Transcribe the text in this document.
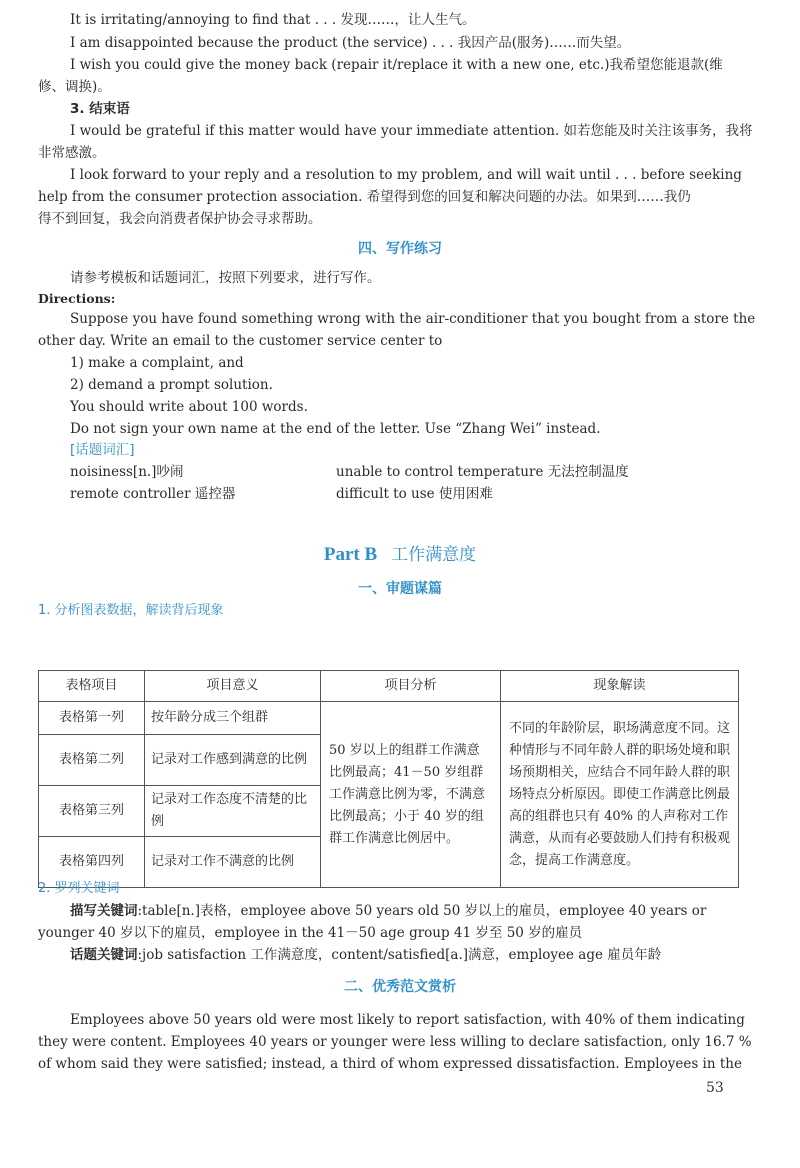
It is irritating/annoying to find that . . . 发现……，让人生气。
I am disappointed because the product (the service) . . . 我因产品(服务)……而失望。
I wish you could give the money back (repair it/replace it with a new one, etc.)我希望您能退款(维
修、调换)。
3. 结束语
I would be grateful if this matter would have your immediate attention. 如若您能及时关注该事务，我将
非常感激。
I look forward to your reply and a resolution to my problem, and will wait until . . . before seeking
help from the consumer protection association. 希望得到您的回复和解决问题的办法。如果到……我仍
得不到回复，我会向消费者保护协会寻求帮助。
四、写作练习
请参考模板和话题词汇，按照下列要求，进行写作。
Directions:
Suppose you have found something wrong with the air-conditioner that you bought from a store the
other day. Write an email to the customer service center to
1) make a complaint, and
2) demand a prompt solution.
You should write about 100 words.
Do not sign your own name at the end of the letter. Use “Zhang Wei” instead.
[话题词汇]
noisiness[n.]吵闹	unable to control temperature 无法控制温度
remote controller 遥控器	difficult to use 使用困难
Part B 工作满意度
一、审题谋篇
1. 分析图表数据，解读背后现象
表格项目	项目意义	项目分析	现象解读
表格第一列	按年龄分成三个组群	50 岁以上的组群工作满意比例最高；41－50 岁组群工作满意比例为零，不满意比例最高；小于 40 岁的组群工作满意比例居中。	不同的年龄阶层，职场满意度不同。这种情形与不同年龄人群的职场处境和职场预期相关，应结合不同年龄人群的职场特点分析原因。即使工作满意比例最高的组群也只有 40% 的人声称对工作满意，从而有必要鼓励人们持有积极观念，提高工作满意度。
表格第二列	记录对工作感到满意的比例		
表格第三列	记录对工作态度不清楚的比例		
表格第四列	记录对工作不满意的比例		
2. 罗列关键词
描写关键词:table[n.]表格，employee above 50 years old 50 岁以上的雇员，employee 40 years or
younger 40 岁以下的雇员，employee in the 41－50 age group 41 岁至 50 岁的雇员
话题关键词:job satisfaction 工作满意度，content/satisfied[a.]满意，employee age 雇员年龄
二、优秀范文赏析
Employees above 50 years old were most likely to report satisfaction, with 40% of them indicating
they were content. Employees 40 years or younger were less willing to declare satisfaction, only 16.7 %
of whom said they were satisfied; instead, a third of whom expressed dissatisfaction. Employees in the
53
